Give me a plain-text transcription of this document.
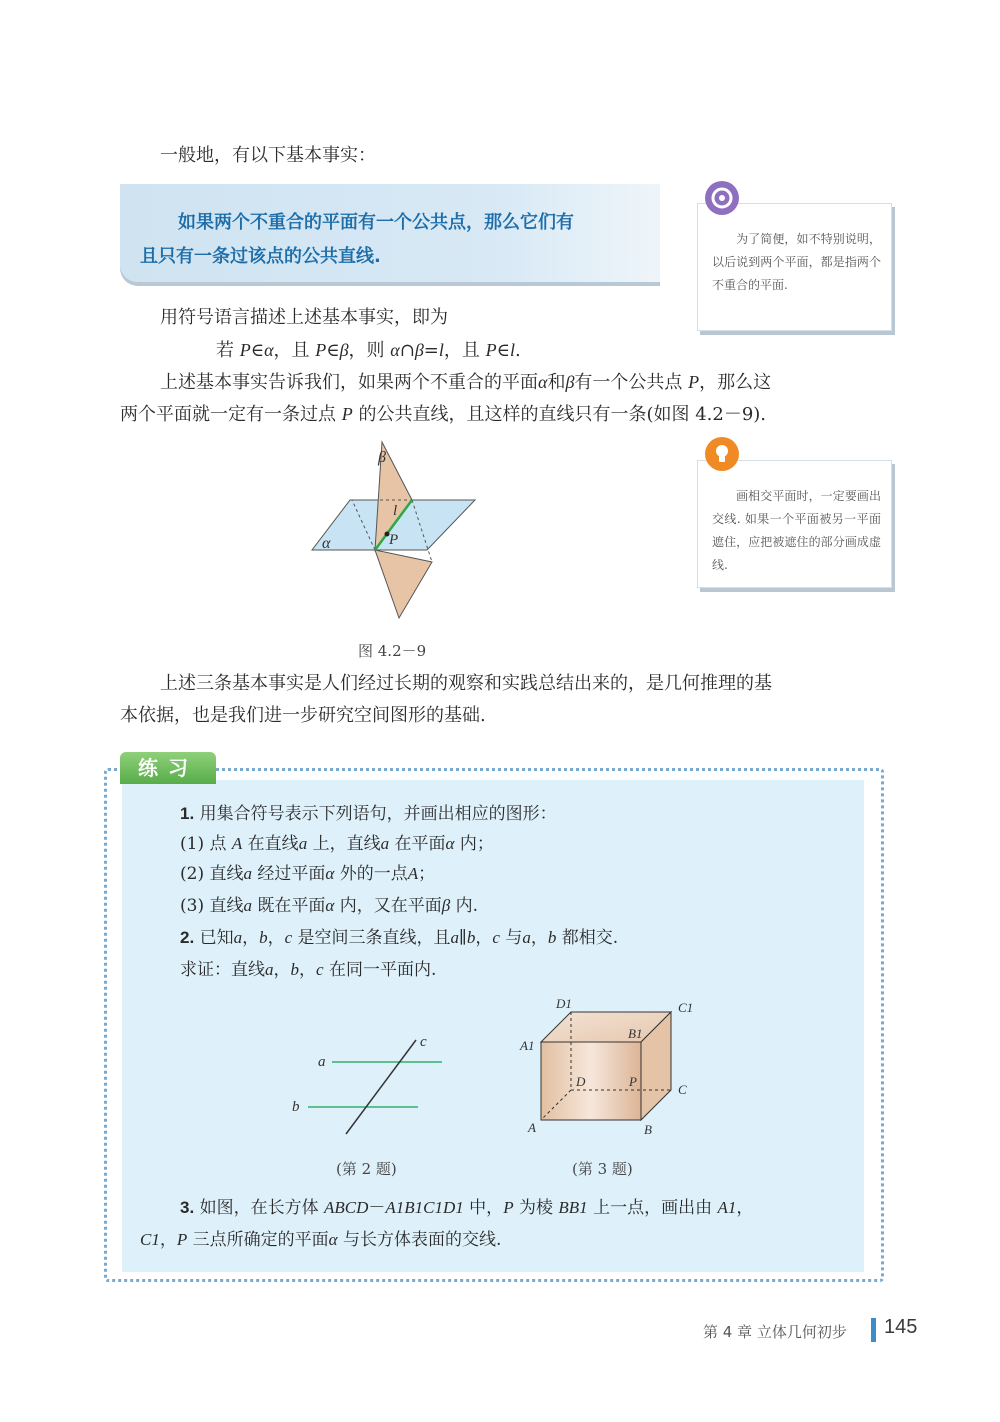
一般地，有以下基本事实：
如果两个不重合的平面有一个公共点，那么它们有
且只有一条过该点的公共直线.
为了简便，如不特别说明，以后说到两个平面，都是指两个不重合的平面.
用符号语言描述上述基本事实，即为
若 P∈α，且 P∈β，则 α∩β=l，且 P∈l.
上述基本事实告诉我们，如果两个不重合的平面α和β有一个公共点 P，那么这
两个平面就一定有一条过点 P 的公共直线，且这样的直线只有一条(如图 4.2－9).
画相交平面时，一定要画出交线. 如果一个平面被另一平面遮住，应把被遮住的部分画成虚线.
β
α
l
P
图 4.2－9
上述三条基本事实是人们经过长期的观察和实践总结出来的，是几何推理的基
本依据，也是我们进一步研究空间图形的基础.
练习
1. 用集合符号表示下列语句，并画出相应的图形：
(1) 点 A 在直线a 上，直线a 在平面α 内；
(2) 直线a 经过平面α 外的一点A；
(3) 直线a 既在平面α 内，又在平面β 内.
2. 已知a，b，c 是空间三条直线，且a∥b，c 与a，b 都相交.
求证：直线a，b，c 在同一平面内.
a
b
c
(第 2 题)
D1	C1
B1
A1
D	P
C
A	B
(第 3 题)
3. 如图，在长方体 ABCD－A1B1C1D1 中，P 为棱 BB1 上一点，画出由 A1，
C1，P 三点所确定的平面α 与长方体表面的交线.
第 4 章 立体几何初步 145
